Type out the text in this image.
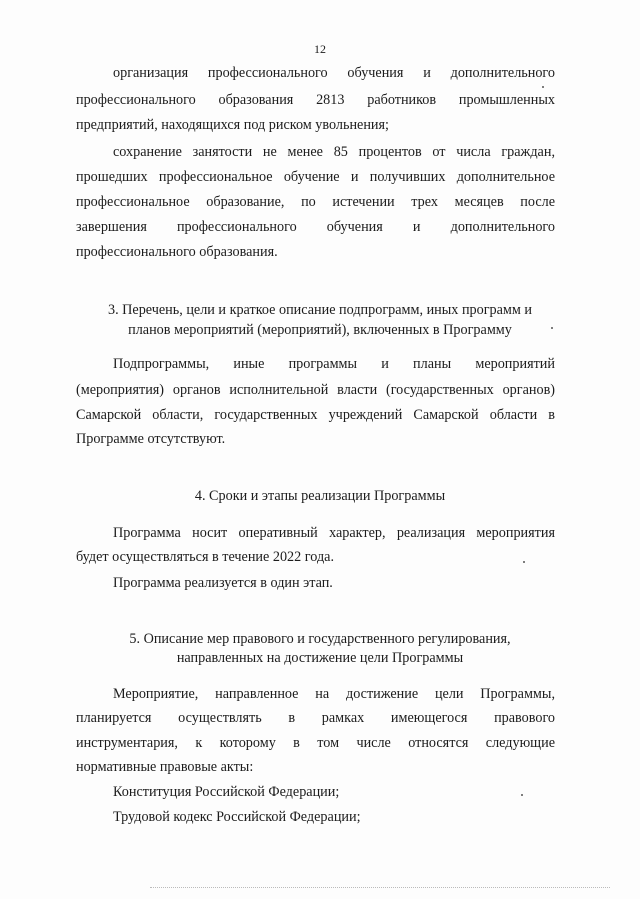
12
организация профессионального обучения и дополнительного
профессионального образования 2813 работников промышленных
предприятий, находящихся под риском увольнения;
сохранение занятости не менее 85 процентов от числа граждан,
прошедших профессиональное обучение и получивших дополнительное
профессиональное образование, по истечении трех месяцев после
завершения профессионального обучения и дополнительного
профессионального образования.
3. Перечень, цели и краткое описание подпрограмм, иных программ и
планов мероприятий (мероприятий), включенных в Программу
Подпрограммы, иные программы и планы мероприятий
(мероприятия) органов исполнительной власти (государственных органов)
Самарской области, государственных учреждений Самарской области в
Программе отсутствуют.
4. Сроки и этапы реализации Программы
Программа носит оперативный характер, реализация мероприятия
будет осуществляться в течение 2022 года.
Программа реализуется в один этап.
5. Описание мер правового и государственного регулирования,
направленных на достижение цели Программы
Мероприятие, направленное на достижение цели Программы,
планируется осуществлять в рамках имеющегося правового
инструментария, к которому в том числе относятся следующие
нормативные правовые акты:
Конституция Российской Федерации;
Трудовой кодекс Российской Федерации;
